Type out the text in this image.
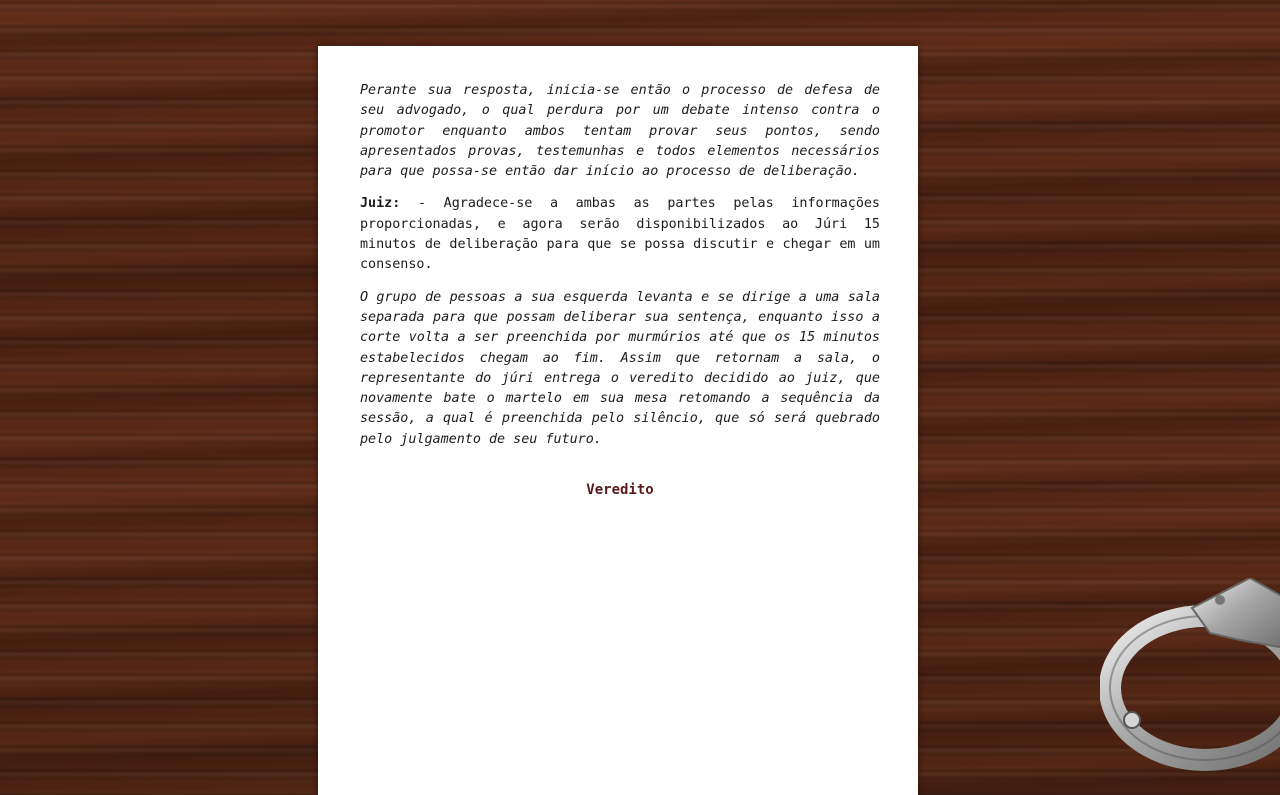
Perante sua resposta, inicia-se então o processo de defesa de seu advogado, o qual perdura por um debate intenso contra o promotor enquanto ambos tentam provar seus pontos, sendo apresentados provas, testemunhas e todos elementos necessários para que possa-se então dar início ao processo de deliberação.

Juiz: - Agradece-se a ambas as partes pelas informações proporcionadas, e agora serão disponibilizados ao Júri 15 minutos de deliberação para que se possa discutir e chegar em um consenso.

O grupo de pessoas a sua esquerda levanta e se dirige a uma sala separada para que possam deliberar sua sentença, enquanto isso a corte volta a ser preenchida por murmúrios até que os 15 minutos estabelecidos chegam ao fim. Assim que retornam a sala, o representante do júri entrega o veredito decidido ao juiz, que novamente bate o martelo em sua mesa retomando a sequência da sessão, a qual é preenchida pelo silêncio, que só será quebrado pelo julgamento de seu futuro.

Veredito
